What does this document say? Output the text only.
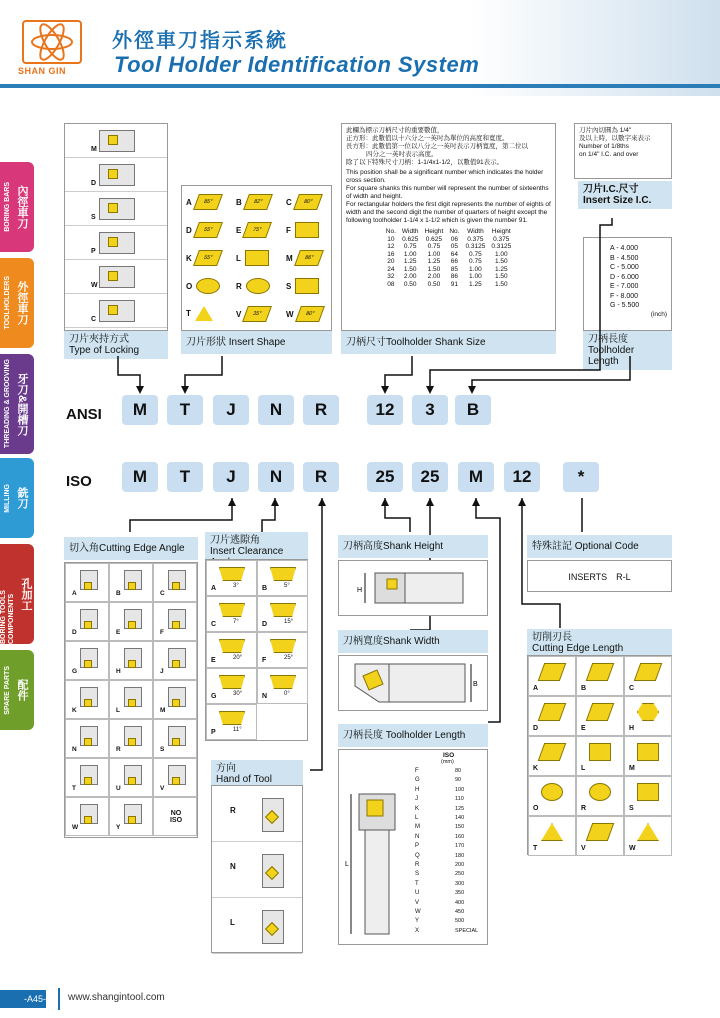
SHAN GIN
外徑車刀指示系統
Tool Holder Identification System
BORING BARS 內徑車刀
TOOLHOLDERS 外徑車刀
THREADING & GROOVING 牙刀&開槽刀
MILLING 銑刀
BORING TOOLS COMPONENTS 孔加工
SPARE PARTS 配件
M
D
S
P
W
C
刀片夾持方式
Type of Locking
A	85°	B	82°	C	80°
D	55°	E	75°	F
K	55°	L	M	86°
O	R	S
T	V	35°	W	80°
刀片形狀 Insert Shape
此欄為標示刀柄尺寸的重要數值，
正方形：此數值以十六分之一英吋為單位的高度和寬度。
長方形：此數值第一位以八分之一英吋表示刀柄寬度，第二位以
四分之一英吋表示高度。
除了以下特殊尺寸刀柄：1-1/4x1-1/2，以數值91表示。
This position shall be a significant number which indicates the holder cross section.
For square shanks this number will represent the number of sixteenths of width and height.
For rectangular holders the first digit represents the number of eights of width and the second digit the number of quarters of height except the following toolholder 1-1/4 x 1-1/2 which is given the number 91.
No.	Width	Height	No.	Width	Height
10	0.625	0.625	06	0.375	0.375
12	0.75	0.75	05	0.3125	0.3125
16	1.00	1.00	64	0.75	1.00
20	1.25	1.25	66	0.75	1.50
24	1.50	1.50	85	1.00	1.25
32	2.00	2.00	86	1.00	1.50
08	0.50	0.50	91	1.25	1.50
刀柄尺寸Toolholder Shank Size
刀片內切圓為 1/4"
及以上時，以數字來表示
Number of 1/8ths
on 1/4" I.C. and over
刀片I.C.尺寸
Insert Size I.C.
A - 4.000
B - 4.500
C - 5.000
D - 6.000
E - 7.000
F - 8.000
G - 5.500
(inch)
刀柄長度
Toolholder Length
ANSI
ISO
切入角Cutting Edge Angle
A	B	C
D	E	F
G	H	J
K	L	M
N	R	S
T	U	V
W	Y
NO ISO
刀片逃隙角
Insert Clearance
A	3°	B	5°
C	7°	D	15°
E	20°	F	25°
G	30°	N	0°
P	11°
方向
Hand of Tool
R
N
L
刀柄高度Shank Height
H
刀柄寬度Shank Width
B
刀柄長度 Toolholder Length
L
ISO
(mm)
F	80
G	90
H	100
J	110
K	125
L	140
M	150
N	160
P	170
Q	180
R	200
S	250
T	300
U	350
V	400
W	450
Y	500
X	SPECIAL
特殊註記 Optional Code
INSERTS　R-L
切削刃長
Cutting Edge Length
A	B	C
D	E	H
K	L	M
O	R	S
T	V	W
-A45- www.shangintool.com
M	T	J	N	R	12	3	B
M	T	J	N	R	25	25	M	12	*
